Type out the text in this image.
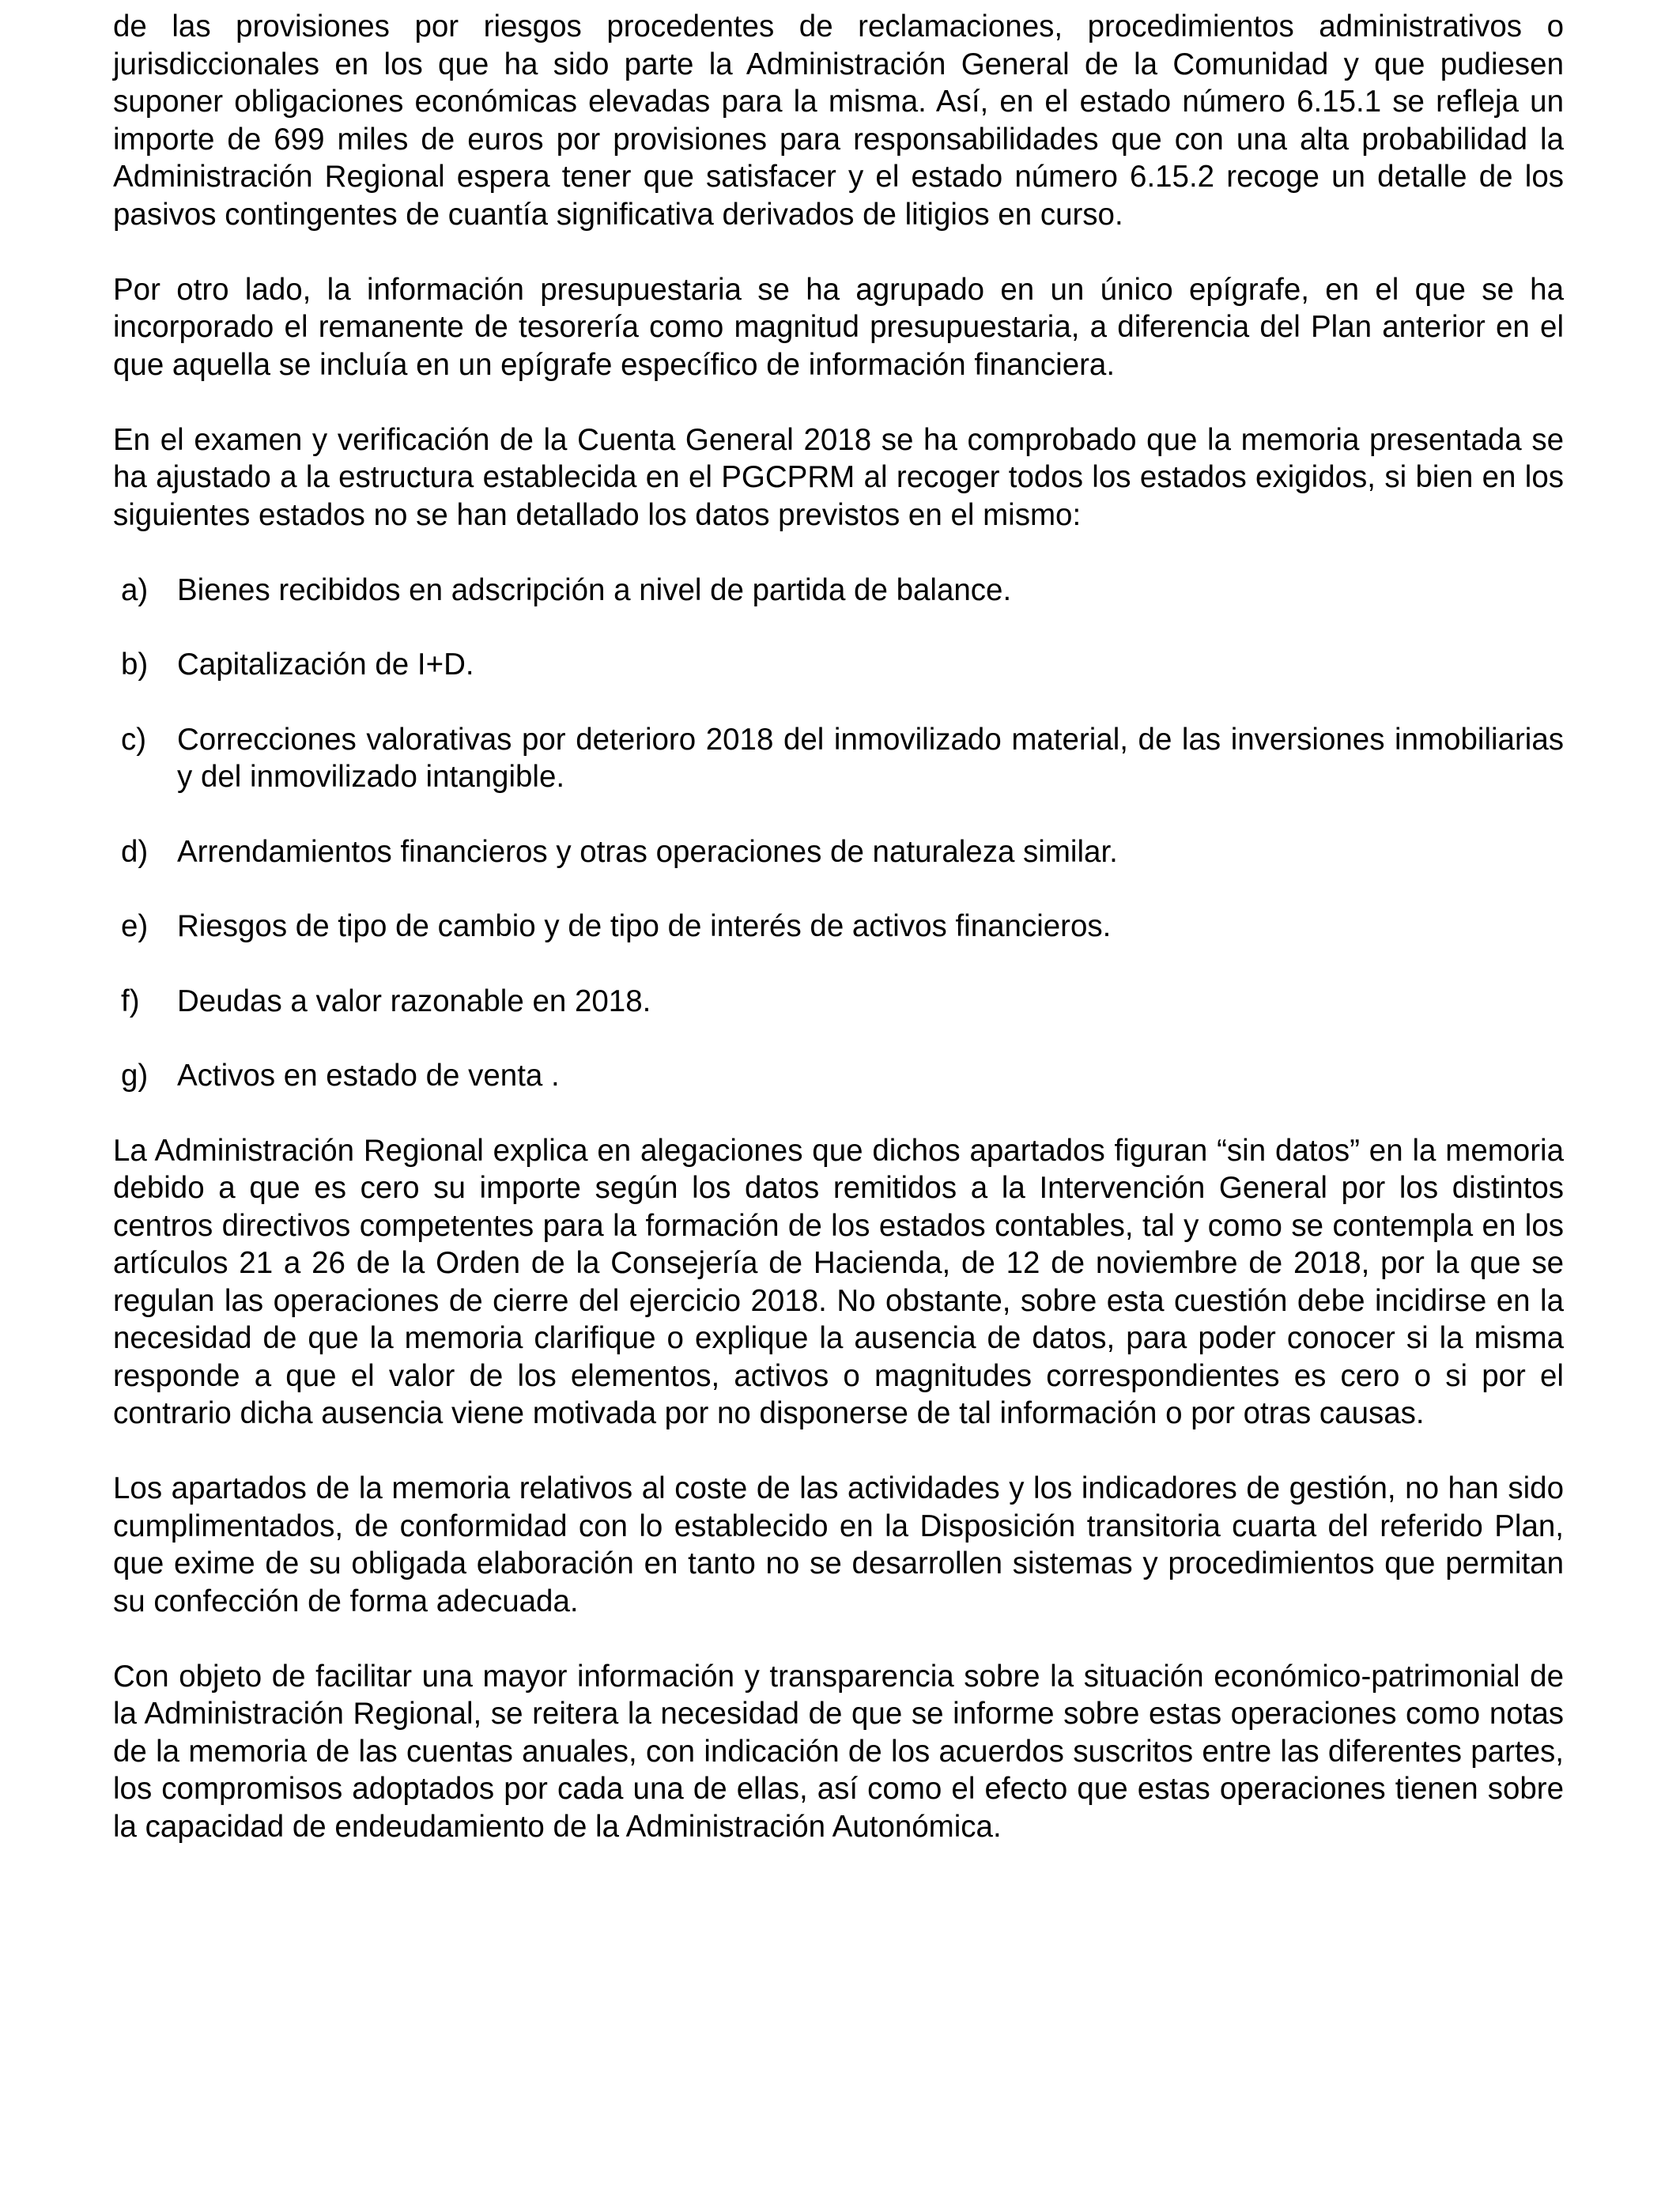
de las provisiones por riesgos procedentes de reclamaciones, procedimientos administrativos o jurisdiccionales en los que ha sido parte la Administración General de la Comunidad y que pudiesen suponer obligaciones económicas elevadas para la misma. Así, en el estado número 6.15.1 se refleja un importe de 699 miles de euros por provisiones para responsabilidades que con una alta probabilidad la Administración Regional espera tener que satisfacer y el estado número 6.15.2 recoge un detalle de los pasivos contingentes de cuantía significativa derivados de litigios en curso.

Por otro lado, la información presupuestaria se ha agrupado en un único epígrafe, en el que se ha incorporado el remanente de tesorería como magnitud presupuestaria, a diferencia del Plan anterior en el que aquella se incluía en un epígrafe específico de información financiera.

En el examen y verificación de la Cuenta General 2018 se ha comprobado que la memoria presentada se ha ajustado a la estructura establecida en el PGCPRM al recoger todos los estados exigidos, si bien en los siguientes estados no se han detallado los datos previstos en el mismo:

a) Bienes recibidos en adscripción a nivel de partida de balance.
b) Capitalización de I+D.
c) Correcciones valorativas por deterioro 2018 del inmovilizado material, de las inversiones inmobiliarias y del inmovilizado intangible.
d) Arrendamientos financieros y otras operaciones de naturaleza similar.
e) Riesgos de tipo de cambio y de tipo de interés de activos financieros.
f) Deudas a valor razonable en 2018.
g) Activos en estado de venta .

La Administración Regional explica en alegaciones que dichos apartados figuran “sin datos” en la memoria debido a que es cero su importe según los datos remitidos a la Intervención General por los distintos centros directivos competentes para la formación de los estados contables, tal y como se contempla en los artículos 21 a 26 de la Orden de la Consejería de Hacienda, de 12 de noviembre de 2018, por la que se regulan las operaciones de cierre del ejercicio 2018. No obstante, sobre esta cuestión debe incidirse en la necesidad de que la memoria clarifique o explique la ausencia de datos, para poder conocer si la misma responde a que el valor de los elementos, activos o magnitudes correspondientes es cero o si por el contrario dicha ausencia viene motivada por no disponerse de tal información o por otras causas.

Los apartados de la memoria relativos al coste de las actividades y los indicadores de gestión, no han sido cumplimentados, de conformidad con lo establecido en la Disposición transitoria cuarta del referido Plan, que exime de su obligada elaboración en tanto no se desarrollen sistemas y procedimientos que permitan su confección de forma adecuada.

Con objeto de facilitar una mayor información y transparencia sobre la situación económico-patrimonial de la Administración Regional, se reitera la necesidad de que se informe sobre estas operaciones como notas de la memoria de las cuentas anuales, con indicación de los acuerdos suscritos entre las diferentes partes, los compromisos adoptados por cada una de ellas, así como el efecto que estas operaciones tienen sobre la capacidad de endeudamiento de la Administración Autonómica.
